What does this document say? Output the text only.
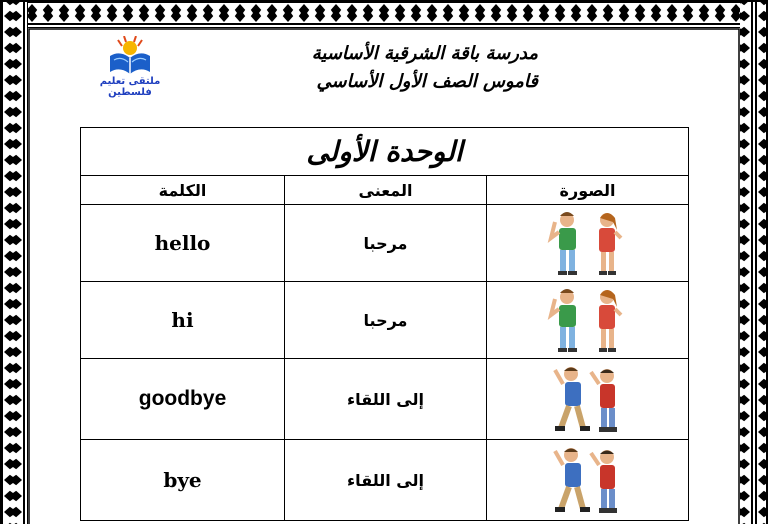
ملتقى تعليم فلسطين
مدرسة باقة الشرقية الأساسية
قاموس الصف الأول الأساسي
الوحدة الأولى		
الكلمة	المعنى	الصورة
hello	مرحبا	

hi	مرحبا	

goodbye	إلى اللقاء	

bye	إلى اللقاء	
